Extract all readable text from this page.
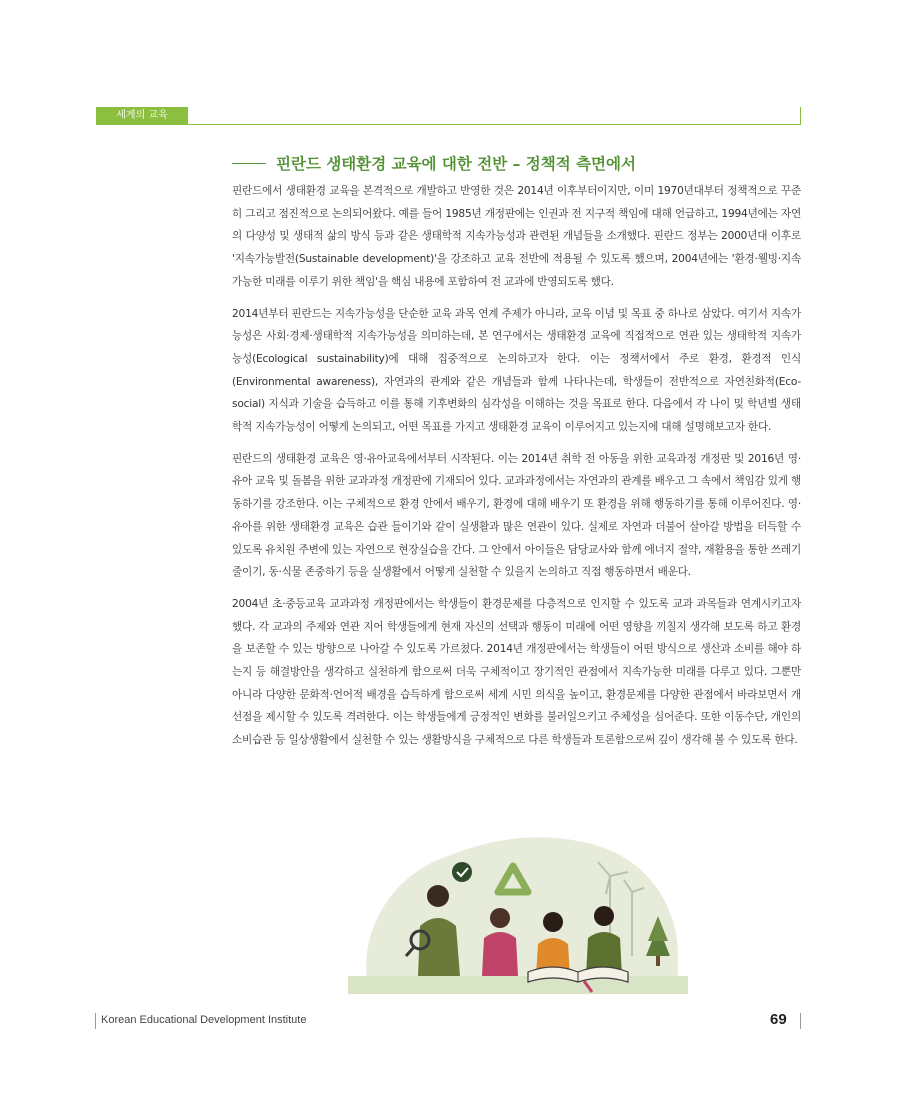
세계의 교육
핀란드 생태환경 교육에 대한 전반 – 정책적 측면에서

핀란드에서 생태환경 교육을 본격적으로 개발하고 반영한 것은 2014년 이후부터이지만, 이미 1970년대부터 정책적으로 꾸준히 그리고 점진적으로 논의되어왔다. 예를 들어 1985년 개정판에는 인권과 전 지구적 책임에 대해 언급하고, 1994년에는 자연의 다양성 및 생태적 삶의 방식 등과 같은 생태학적 지속가능성과 관련된 개념들을 소개했다. 핀란드 정부는 2000년대 이후로 '지속가능발전(Sustainable development)'을 강조하고 교육 전반에 적용될 수 있도록 했으며, 2004년에는 '환경·웰빙·지속가능한 미래를 이루기 위한 책임'을 핵심 내용에 포함하여 전 교과에 반영되도록 했다.

2014년부터 핀란드는 지속가능성을 단순한 교육 과목 연계 주제가 아니라, 교육 이념 및 목표 중 하나로 삼았다. 여기서 지속가능성은 사회·경제·생태학적 지속가능성을 의미하는데, 본 연구에서는 생태환경 교육에 직접적으로 연관 있는 생태학적 지속가능성(Ecological sustainability)에 대해 집중적으로 논의하고자 한다. 이는 정책서에서 주로 환경, 환경적 인식(Environmental awareness), 자연과의 관계와 같은 개념들과 함께 나타나는데, 학생들이 전반적으로 자연친화적(Eco-social) 지식과 기술을 습득하고 이를 통해 기후변화의 심각성을 이해하는 것을 목표로 한다. 다음에서 각 나이 및 학년별 생태학적 지속가능성이 어떻게 논의되고, 어떤 목표를 가지고 생태환경 교육이 이루어지고 있는지에 대해 설명해보고자 한다.

핀란드의 생태환경 교육은 영·유아교육에서부터 시작된다. 이는 2014년 취학 전 아동을 위한 교육과정 개정판 및 2016년 영·유아 교육 및 돌봄을 위한 교과과정 개정판에 기재되어 있다. 교과과정에서는 자연과의 관계를 배우고 그 속에서 책임감 있게 행동하기를 강조한다. 이는 구체적으로 환경 안에서 배우기, 환경에 대해 배우기 또 환경을 위해 행동하기를 통해 이루어진다. 영·유아를 위한 생태환경 교육은 습관 들이기와 같이 실생활과 많은 연관이 있다. 실제로 자연과 더불어 살아갈 방법을 터득할 수 있도록 유치원 주변에 있는 자연으로 현장실습을 간다. 그 안에서 아이들은 담당교사와 함께 에너지 절약, 재활용을 통한 쓰레기 줄이기, 동·식물 존중하기 등을 실생활에서 어떻게 실천할 수 있을지 논의하고 직접 행동하면서 배운다.

2004년 초·중등교육 교과과정 개정판에서는 학생들이 환경문제를 다층적으로 인지할 수 있도록 교과 과목들과 연계시키고자 했다. 각 교과의 주제와 연관 지어 학생들에게 현재 자신의 선택과 행동이 미래에 어떤 영향을 끼칠지 생각해 보도록 하고 환경을 보존할 수 있는 방향으로 나아갈 수 있도록 가르쳤다. 2014년 개정판에서는 학생들이 어떤 방식으로 생산과 소비를 해야 하는지 등 해결방안을 생각하고 실천하게 함으로써 더욱 구체적이고 장기적인 관점에서 지속가능한 미래를 다루고 있다. 그뿐만 아니라 다양한 문화적·언어적 배경을 습득하게 함으로써 세계 시민 의식을 높이고, 환경문제를 다양한 관점에서 바라보면서 개선점을 제시할 수 있도록 격려한다. 이는 학생들에게 긍정적인 변화를 불러일으키고 주체성을 심어준다. 또한 이동수단, 개인의 소비습관 등 일상생활에서 실천할 수 있는 생활방식을 구체적으로 다른 학생들과 토론함으로써 깊이 생각해 볼 수 있도록 한다.

Korean Educational Development Institute	69
